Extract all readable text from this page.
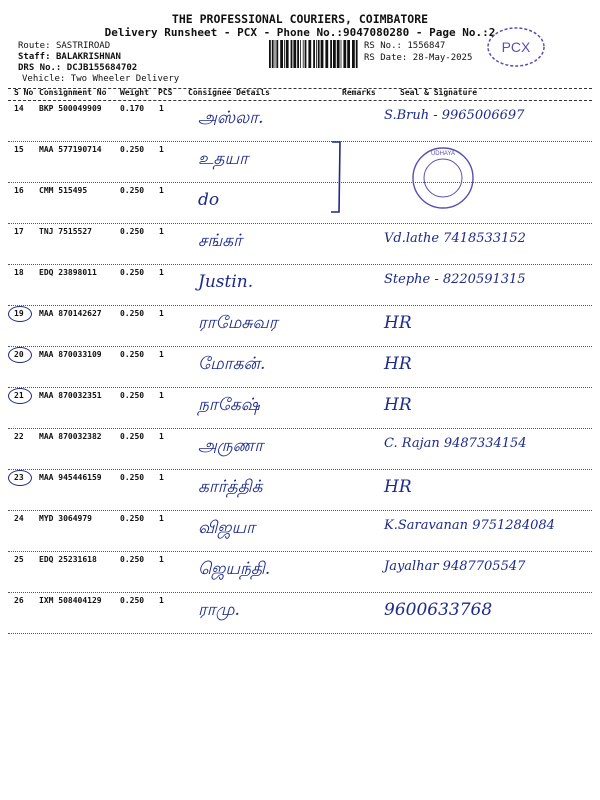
THE PROFESSIONAL COURIERS, COIMBATORE
Delivery Runsheet - PCX - Phone No.:9047080280 - Page No.:2
Route: SASTRIROAD
Staff: BALAKRISHNAN
DRS No.: DCJB155684702
Vehicle: Two Wheeler Delivery
RS No.: 1556847
RS Date: 28-May-2025
PCX
S No Consignment No Weight PCS Consignee Details	Remarks	Seal & Signature
14 BKP 500049909 0.170 1 அஸ்லா.	S.Bruh - 9965006697
15 MAA 577190714 0.250 1 உதயா
16 CMM 515495	0.250 1 do
17 TNJ 7515527	0.250 1 சங்கர்	Vd.lathe 7418533152
18 EDQ 23898011	0.250 1 Justin.	Stephe - 8220591315
19 MAA 870142627 0.250 1 ராமேசுவர	HR
20 MAA 870033109 0.250 1 மோகன்.	HR
21 MAA 870032351 0.250 1 நாகேஷ்	HR
22 MAA 870032382 0.250 1 அருணா	C. Rajan 9487334154
23 MAA 945446159 0.250 1 கார்த்திக்	HR
24 MYD 3064979	0.250 1 விஜயா	K.Saravanan 9751284084
25 EDQ 25231618	0.250 1 ஜெயந்தி.	Jayalhar 9487705547
26 IXM 508404129 0.250 1 ராமு.	9600633768
UDHAYA
